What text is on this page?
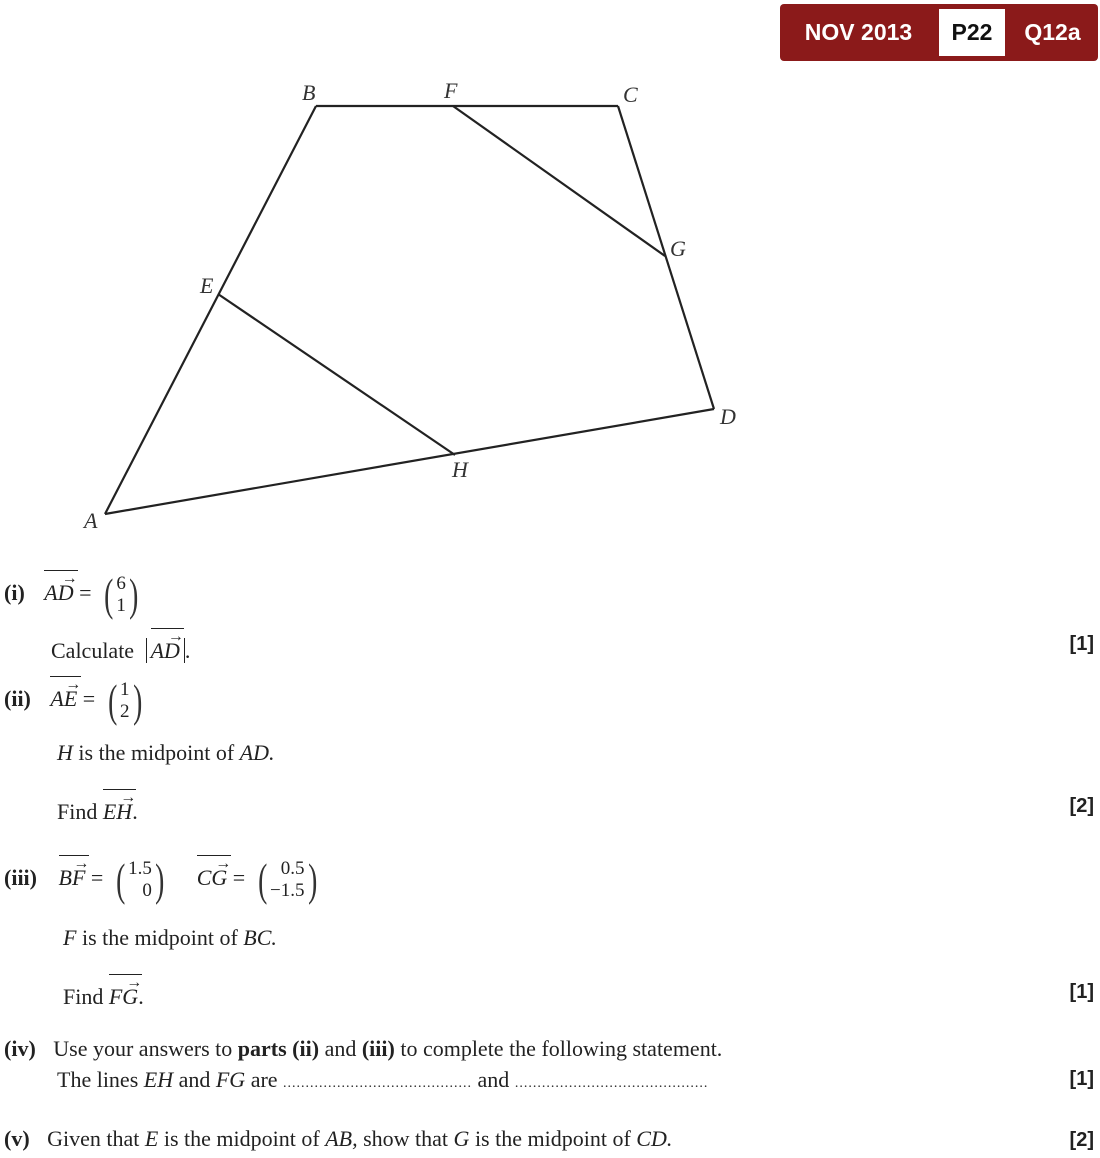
NOV 2013	P22	Q12a
A
B	F	C
G
E
D
H
(i) AD → = ( 6
1 )
Calculate AD → .	[1]
(ii) AE → = ( 1
2 )
H is the midpoint of AD.
Find EH →.	[2]
(iii) BF → = ( 1.5
0 ) CG → = ( 0.5
−1.5 )
F is the midpoint of BC.
Find FG →.	[1]
(iv) Use your answers to parts (ii) and (iii) to complete the following statement.
The lines EH and FG are .......................................... and ...........................................	[1]
(v) Given that E is the midpoint of AB, show that G is the midpoint of CD.	[2]
